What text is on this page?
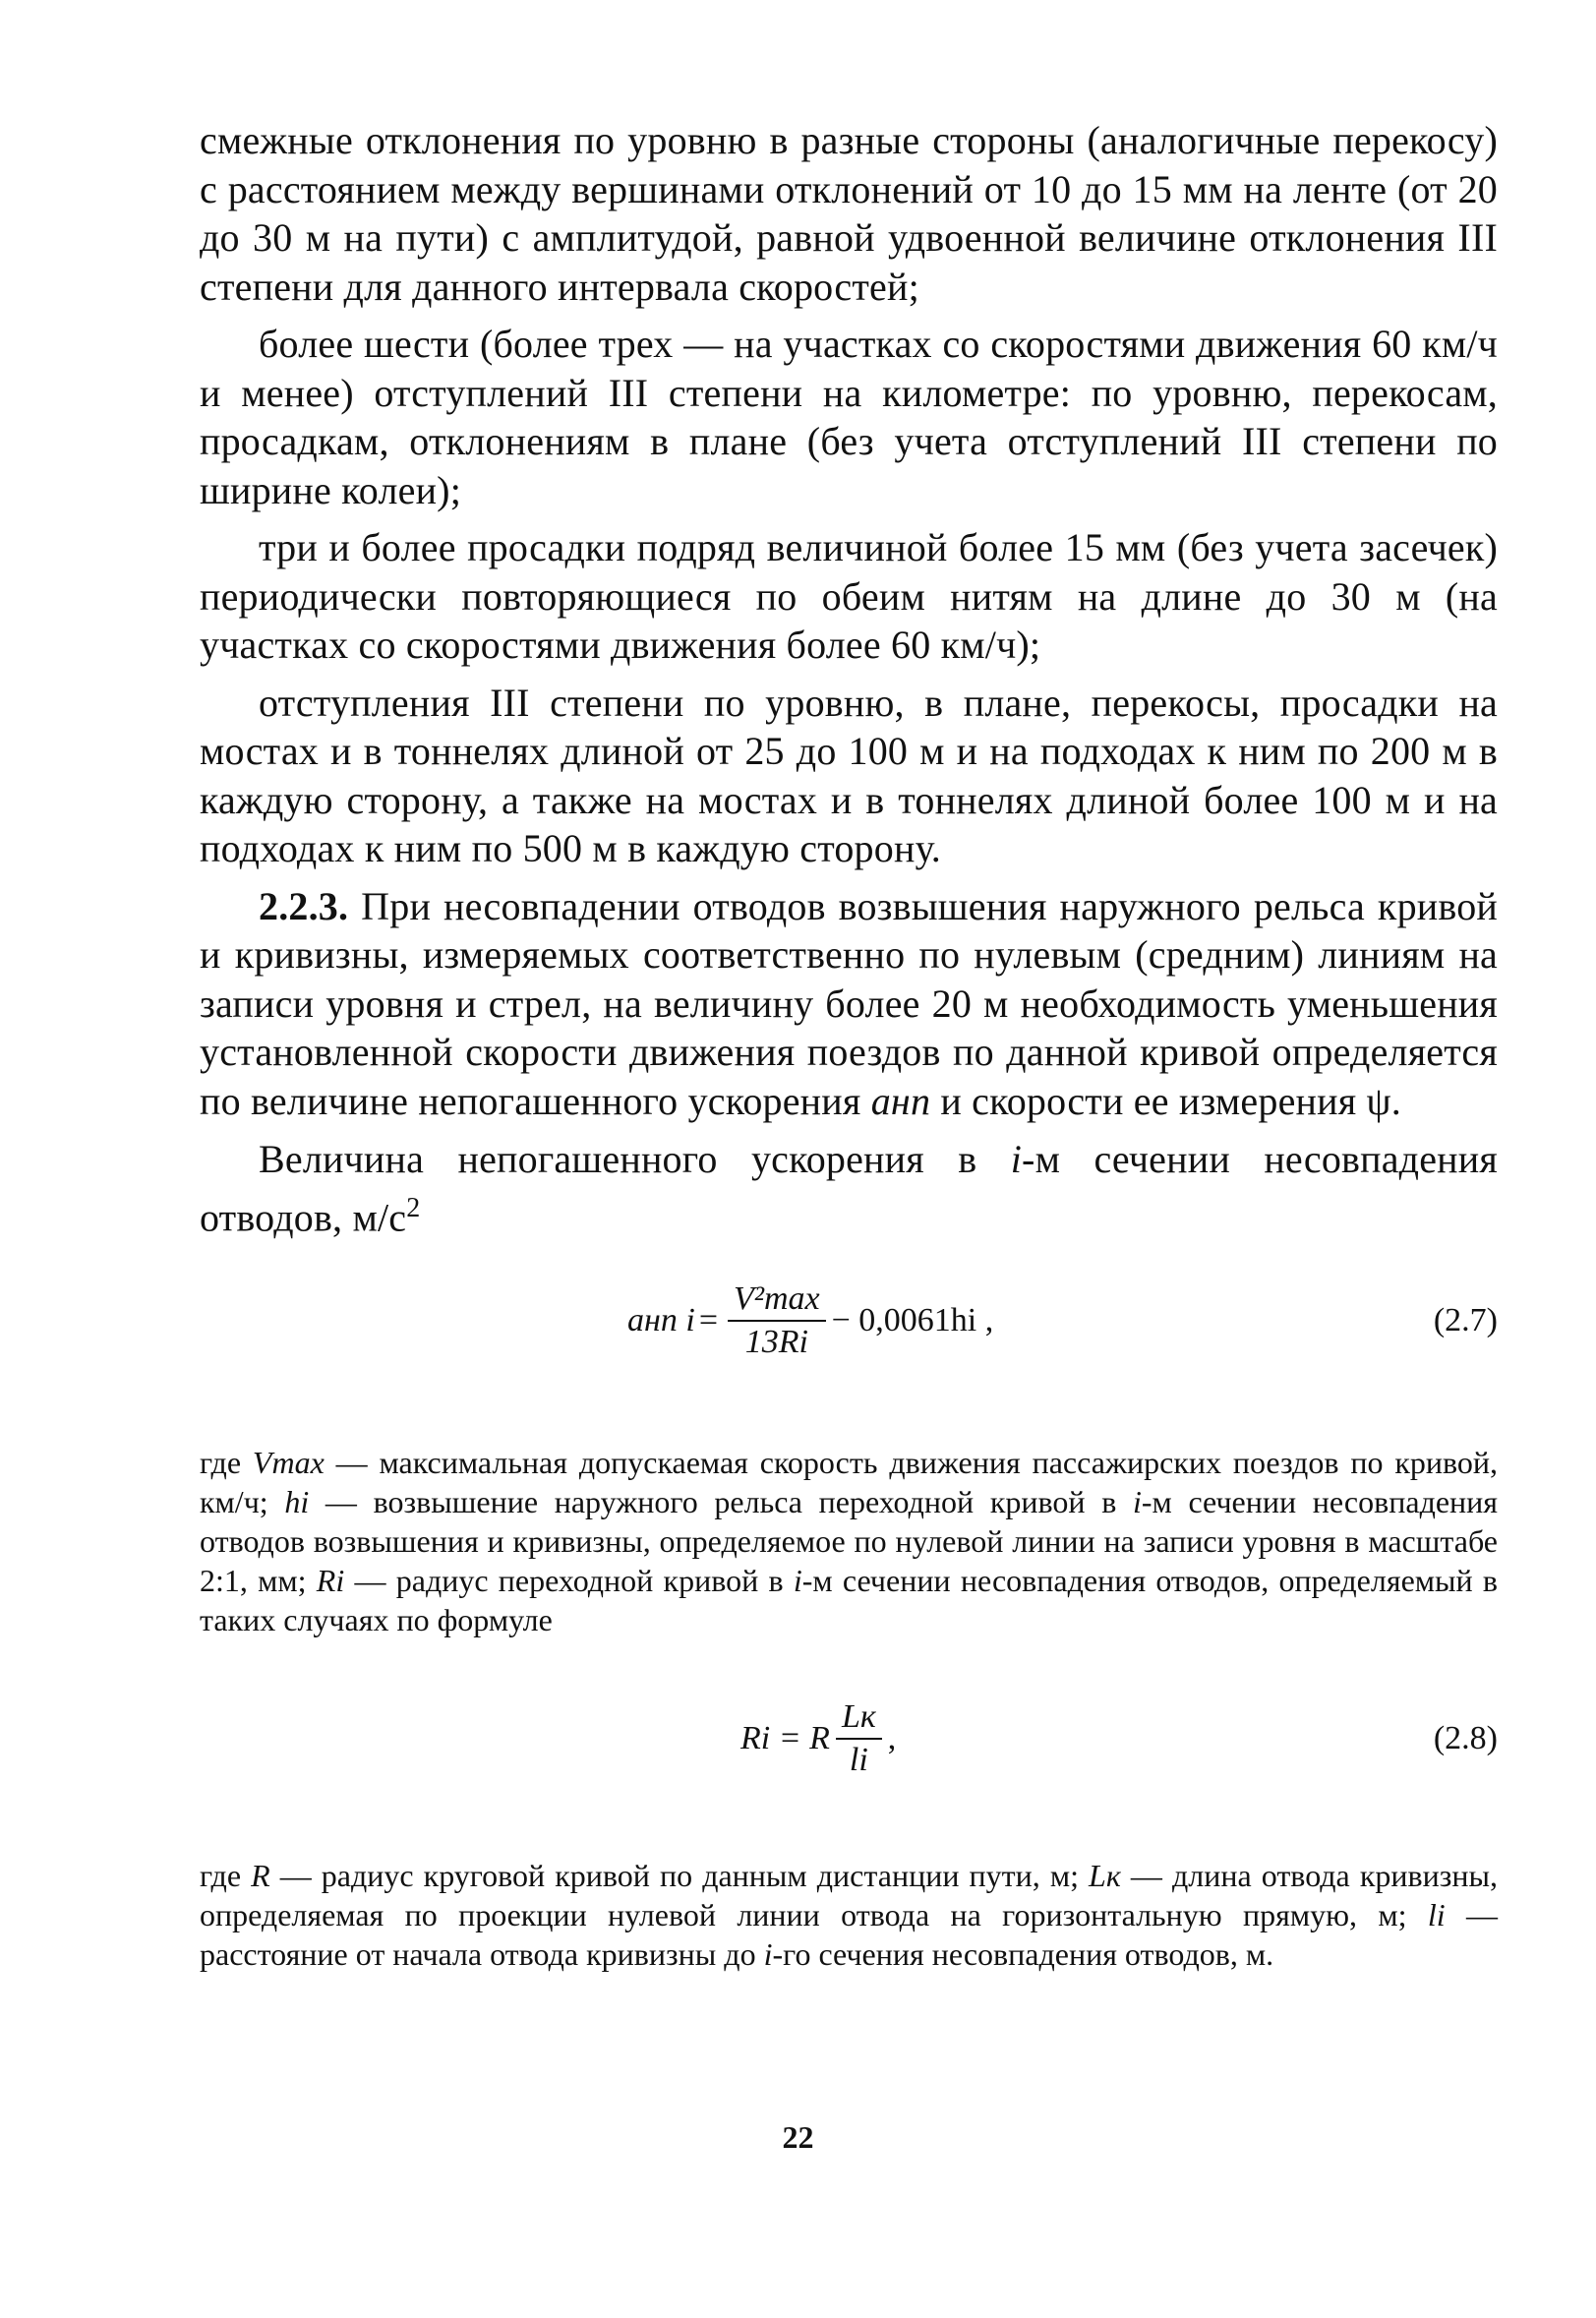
смежные отклонения по уровню в разные стороны (аналогичные перекосу) с расстоянием между вершинами отклонений от 10 до 15 мм на ленте (от 20 до 30 м на пути) с амплитудой, равной удвоенной величине отклонения III степени для данного интервала скоростей;

более шести (более трех — на участках со скоростями движения 60 км/ч и менее) отступлений III степени на километре: по уровню, перекосам, просадкам, отклонениям в плане (без учета отступлений III степени по ширине колеи);

три и более просадки подряд величиной более 15 мм (без учета засечек) периодически повторяющиеся по обеим нитям на длине до 30 м (на участках со скоростями движения более 60 км/ч);

отступления III степени по уровню, в плане, перекосы, просадки на мостах и в тоннелях длиной от 25 до 100 м и на подходах к ним по 200 м в каждую сторону, а также на мостах и в тоннелях длиной более 100 м и на подходах к ним по 500 м в каждую сторону.

2.2.3. При несовпадении отводов возвышения наружного рельса кривой и кривизны, измеряемых соответственно по нулевым (средним) линиям на записи уровня и стрел, на величину более 20 м необходимость уменьшения установленной скорости движения поездов по данной кривой определяется по величине непогашенного ускорения aнп и скорости ее измерения ψ.

Величина непогашенного ускорения в i-м сечении несовпадения отводов, $м/с^2$

aнп $i = \frac{\text{V²max}}{13Ri} - 0,0061hi$ ,	(2.7)

где Vmax — максимальная допускаемая скорость движения пассажирских поездов по кривой, км/ч; hi — возвышение наружного рельса переходной кривой в i-м сечении несовпадения отводов возвышения и кривизны, определяемое по нулевой линии на записи уровня в масштабе 2:1, мм; Ri — радиус переходной кривой в i-м сечении несовпадения отводов, определяемый в таких случаях по формуле

Ri = R $\frac{Lк}{li}$ ,	(2.8)

где R — радиус круговой кривой по данным дистанции пути, м; Lк — длина отвода кривизны, определяемая по проекции нулевой линии отвода на горизонтальную прямую, м; li — расстояние от начала отвода кривизны до i-го сечения несовпадения отводов, м.

22
